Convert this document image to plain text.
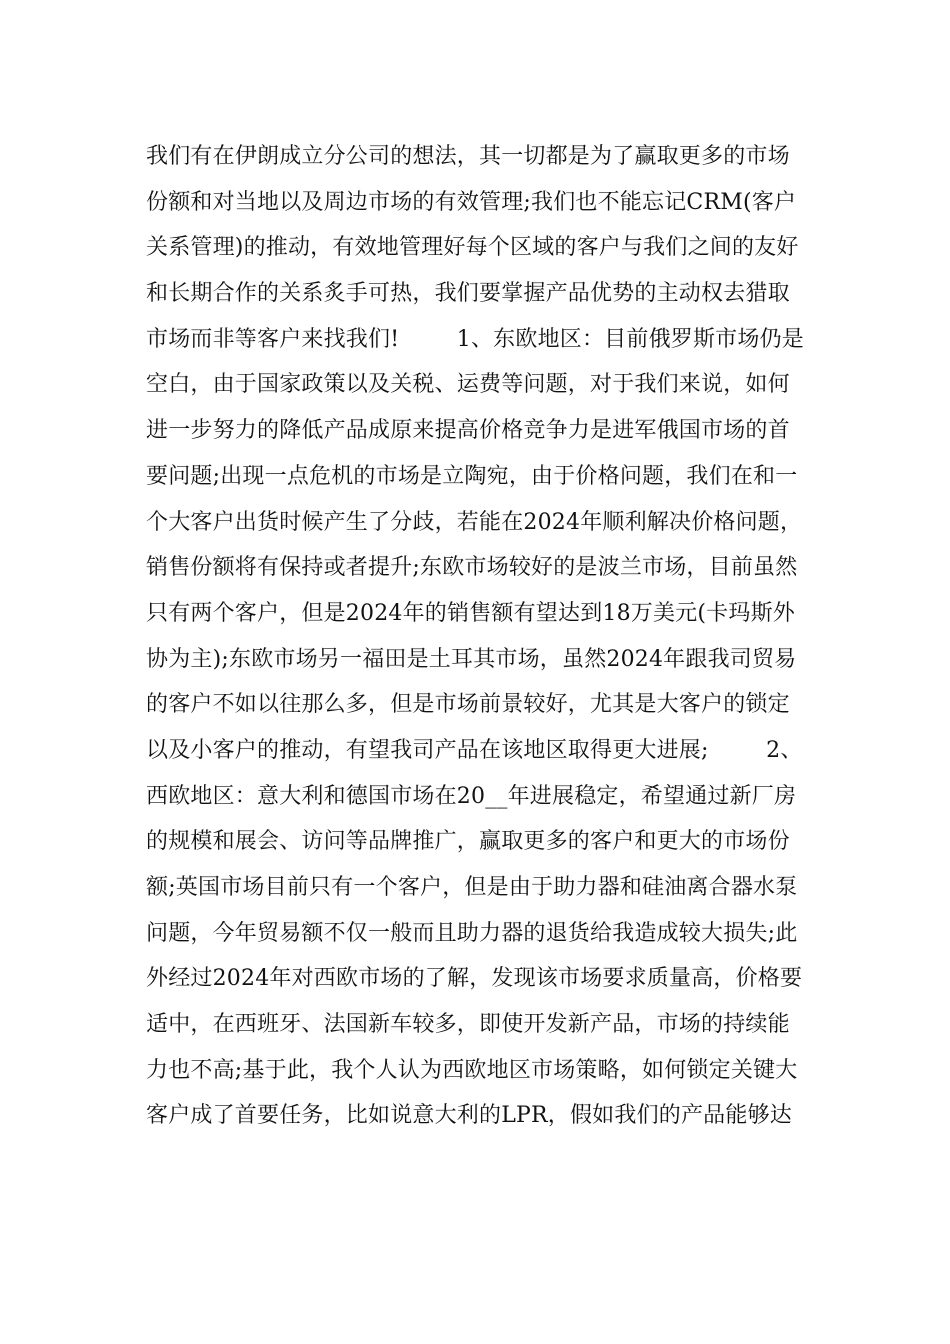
我们有在伊朗成立分公司的想法，其一切都是为了赢取更多的市场
份额和对当地以及周边市场的有效管理;我们也不能忘记CRM(客户
关系管理)的推动，有效地管理好每个区域的客户与我们之间的友好
和长期合作的关系炙手可热，我们要掌握产品优势的主动权去猎取
市场而非等客户来找我们!        1、东欧地区：目前俄罗斯市场仍是
空白，由于国家政策以及关税、运费等问题，对于我们来说，如何
进一步努力的降低产品成原来提高价格竞争力是进军俄国市场的首
要问题;出现一点危机的市场是立陶宛，由于价格问题，我们在和一
个大客户出货时候产生了分歧，若能在2024年顺利解决价格问题，
销售份额将有保持或者提升;东欧市场较好的是波兰市场，目前虽然
只有两个客户，但是2024年的销售额有望达到18万美元(卡玛斯外
协为主);东欧市场另一福田是土耳其市场，虽然2024年跟我司贸易
的客户不如以往那么多，但是市场前景较好，尤其是大客户的锁定
以及小客户的推动，有望我司产品在该地区取得更大进展;        2、
西欧地区：意大利和德国市场在20__年进展稳定，希望通过新厂房
的规模和展会、访问等品牌推广，赢取更多的客户和更大的市场份
额;英国市场目前只有一个客户，但是由于助力器和硅油离合器水泵
问题，今年贸易额不仅一般而且助力器的退货给我造成较大损失;此
外经过2024年对西欧市场的了解，发现该市场要求质量高，价格要
适中，在西班牙、法国新车较多，即使开发新产品，市场的持续能
力也不高;基于此，我个人认为西欧地区市场策略，如何锁定关键大
客户成了首要任务，比如说意大利的LPR，假如我们的产品能够达
